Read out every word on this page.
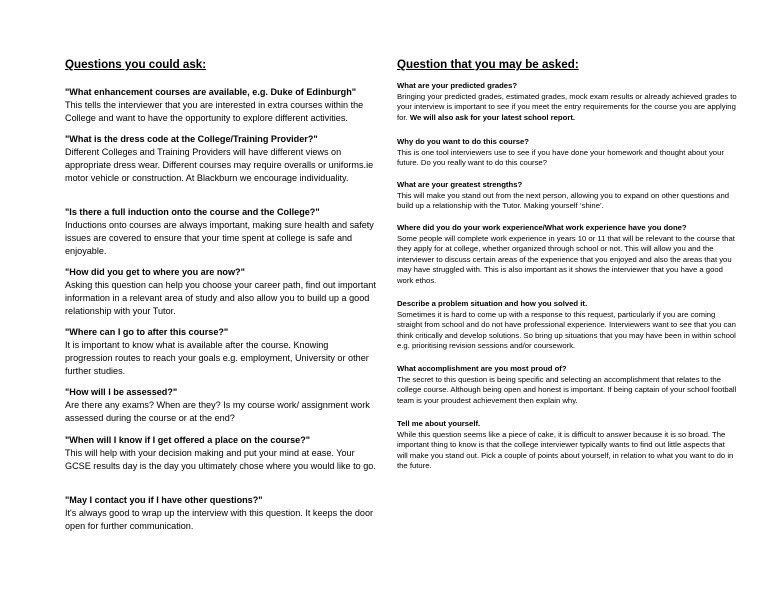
Questions you could ask:
"What enhancement courses are available, e.g. Duke of Edinburgh"
This tells the interviewer that you are interested in extra courses within the College and want to have the opportunity to explore different activities.
"What is the dress code at the College/Training Provider?"
Different Colleges and Training Providers will have different views on appropriate dress wear. Different courses may require overalls or uniforms.ie motor vehicle or construction. At Blackburn we encourage individuality.
"Is there a full induction onto the course and the College?"
Inductions onto courses are always important, making sure health and safety issues are covered to ensure that your time spent at college is safe and enjoyable.
"How did you get to where you are now?"
Asking this question can help you choose your career path, find out important information in a relevant area of study and also allow you to build up a good relationship with your Tutor.
"Where can I go to after this course?"
It is important to know what is available after the course. Knowing progression routes to reach your goals e.g. employment, University or other further studies.
"How will I be assessed?"
Are there any exams? When are they? Is my course work/ assignment work assessed during the course or at the end?
"When will I know if I get offered a place on the course?"
This will help with your decision making and put your mind at ease. Your GCSE results day is the day you ultimately chose where you would like to go.
"May I contact you if I have other questions?"
It's always good to wrap up the interview with this question. It keeps the door open for further communication.
Question that you may be asked:
What are your predicted grades?
Bringing your predicted grades, estimated grades, mock exam results or already achieved grades to your interview is important to see if you meet the entry requirements for the course you are applying for. We will also ask for your latest school report.
Why do you want to do this course?
This is one tool interviewers use to see if you have done your homework and thought about your future. Do you really want to do this course?
What are your greatest strengths?
This will make you stand out from the next person, allowing you to expand on other questions and build up a relationship with the Tutor. Making yourself ‘shine’.
Where did you do your work experience/What work experience have you done?
Some people will complete work experience in years 10 or 11 that will be relevant to the course that they apply for at college, whether organized through school or not. This will allow you and the interviewer to discuss certain areas of the experience that you enjoyed and also the areas that you may have struggled with. This is also important as it shows the interviewer that you have a good work ethos.
Describe a problem situation and how you solved it.
Sometimes it is hard to come up with a response to this request, particularly if you are coming straight from school and do not have professional experience. Interviewers want to see that you can think critically and develop solutions. So bring up situations that you may have been in within school e.g. prioritising revision sessions and/or coursework.
What accomplishment are you most proud of?
The secret to this question is being specific and selecting an accomplishment that relates to the college course. Although being open and honest is important. If being captain of your school football team is your proudest achievement then explain why.
Tell me about yourself.
While this question seems like a piece of cake, it is difficult to answer because it is so broad. The important thing to know is that the college interviewer typically wants to find out little aspects that will make you stand out. Pick a couple of points about yourself, in relation to what you want to do in the future.
